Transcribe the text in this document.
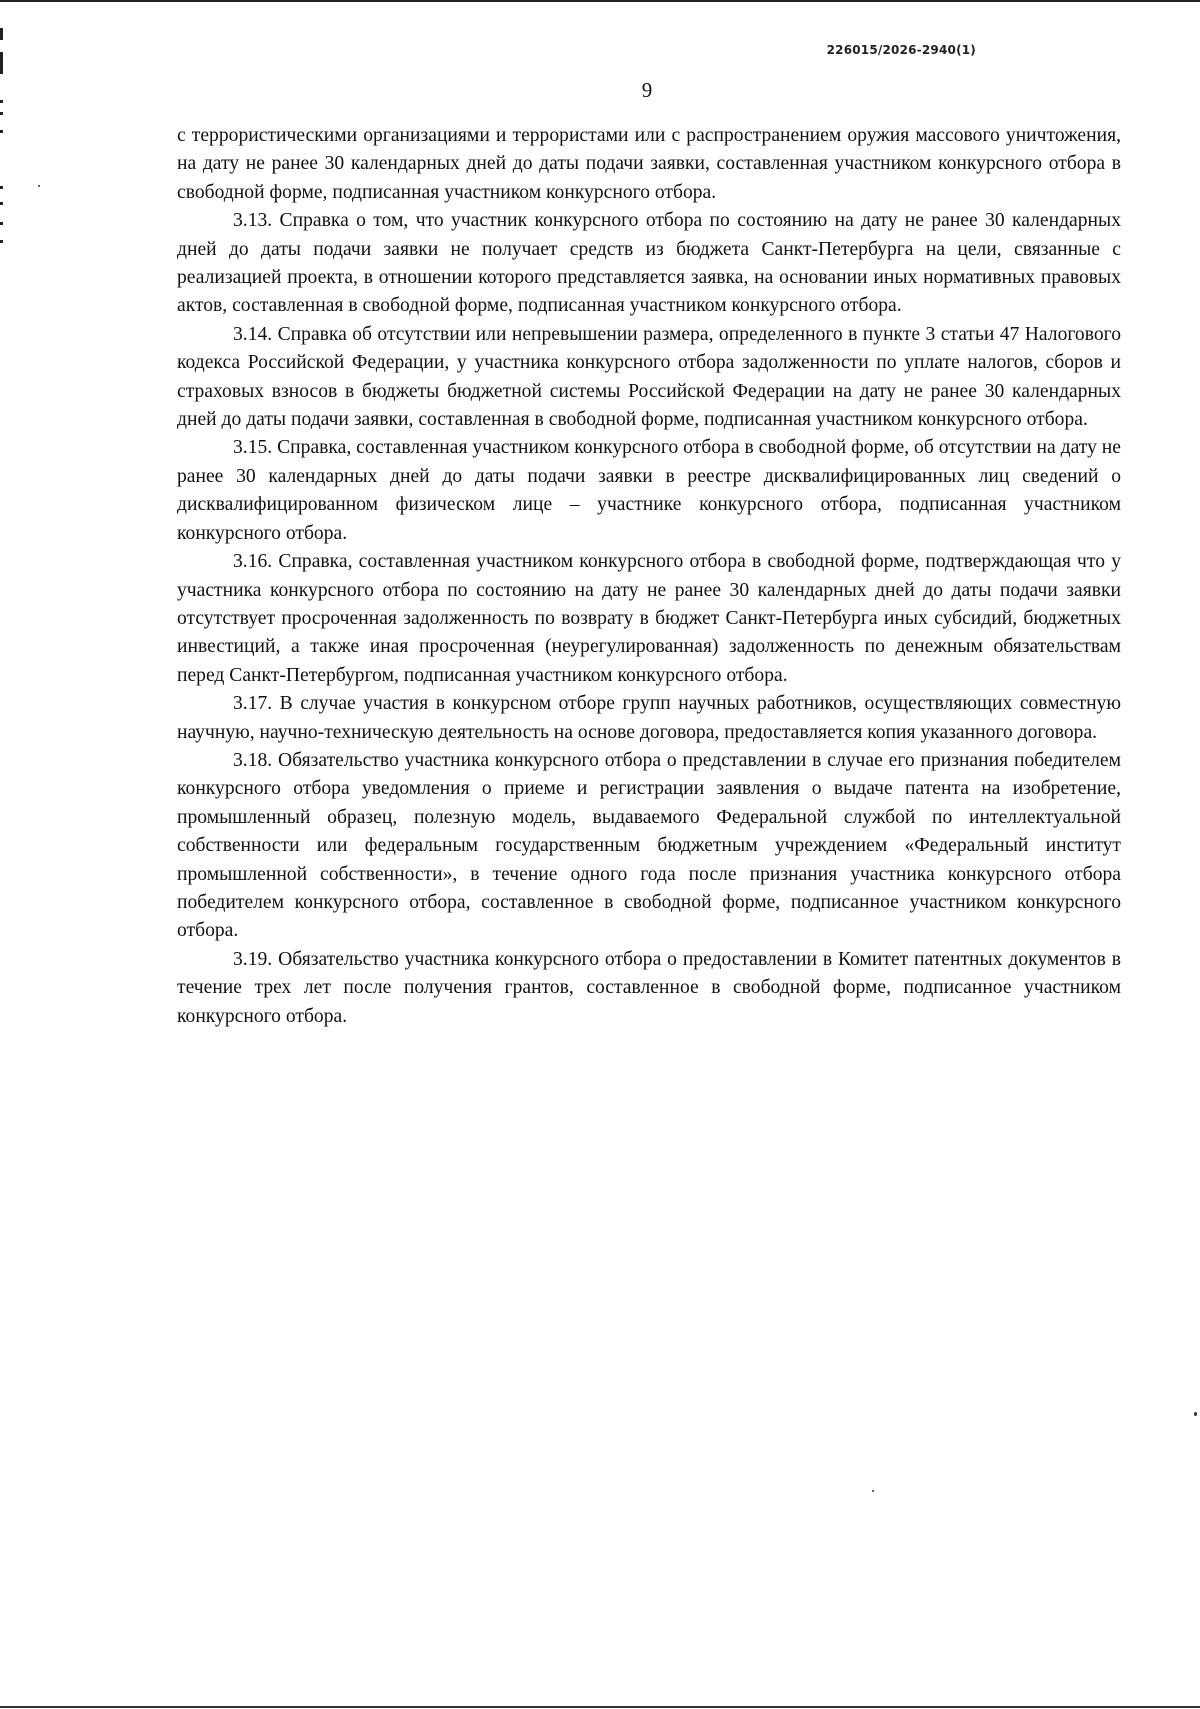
226015/2026-2940(1)
9

с террористическими организациями и террористами или с распространением оружия массового уничтожения, на дату не ранее 30 календарных дней до даты подачи заявки, составленная участником конкурсного отбора в свободной форме, подписанная участником конкурсного отбора.

3.13. Справка о том, что участник конкурсного отбора по состоянию на дату не ранее 30 календарных дней до даты подачи заявки не получает средств из бюджета Санкт-Петербурга на цели, связанные с реализацией проекта, в отношении которого представляется заявка, на основании иных нормативных правовых актов, составленная в свободной форме, подписанная участником конкурсного отбора.

3.14. Справка об отсутствии или непревышении размера, определенного в пункте 3 статьи 47 Налогового кодекса Российской Федерации, у участника конкурсного отбора задолженности по уплате налогов, сборов и страховых взносов в бюджеты бюджетной системы Российской Федерации на дату не ранее 30 календарных дней до даты подачи заявки, составленная в свободной форме, подписанная участником конкурсного отбора.

3.15. Справка, составленная участником конкурсного отбора в свободной форме, об отсутствии на дату не ранее 30 календарных дней до даты подачи заявки в реестре дисквалифицированных лиц сведений о дисквалифицированном физическом лице – участнике конкурсного отбора, подписанная участником конкурсного отбора.

3.16. Справка, составленная участником конкурсного отбора в свободной форме, подтверждающая что у участника конкурсного отбора по состоянию на дату не ранее 30 календарных дней до даты подачи заявки отсутствует просроченная задолженность по возврату в бюджет Санкт-Петербурга иных субсидий, бюджетных инвестиций, а также иная просроченная (неурегулированная) задолженность по денежным обязательствам перед Санкт-Петербургом, подписанная участником конкурсного отбора.

3.17. В случае участия в конкурсном отборе групп научных работников, осуществляющих совместную научную, научно-техническую деятельность на основе договора, предоставляется копия указанного договора.

3.18. Обязательство участника конкурсного отбора о представлении в случае его признания победителем конкурсного отбора уведомления о приеме и регистрации заявления о выдаче патента на изобретение, промышленный образец, полезную модель, выдаваемого Федеральной службой по интеллектуальной собственности или федеральным государственным бюджетным учреждением «Федеральный институт промышленной собственности», в течение одного года после признания участника конкурсного отбора победителем конкурсного отбора, составленное в свободной форме, подписанное участником конкурсного отбора.

3.19. Обязательство участника конкурсного отбора о предоставлении в Комитет патентных документов в течение трех лет после получения грантов, составленное в свободной форме, подписанное участником конкурсного отбора.
